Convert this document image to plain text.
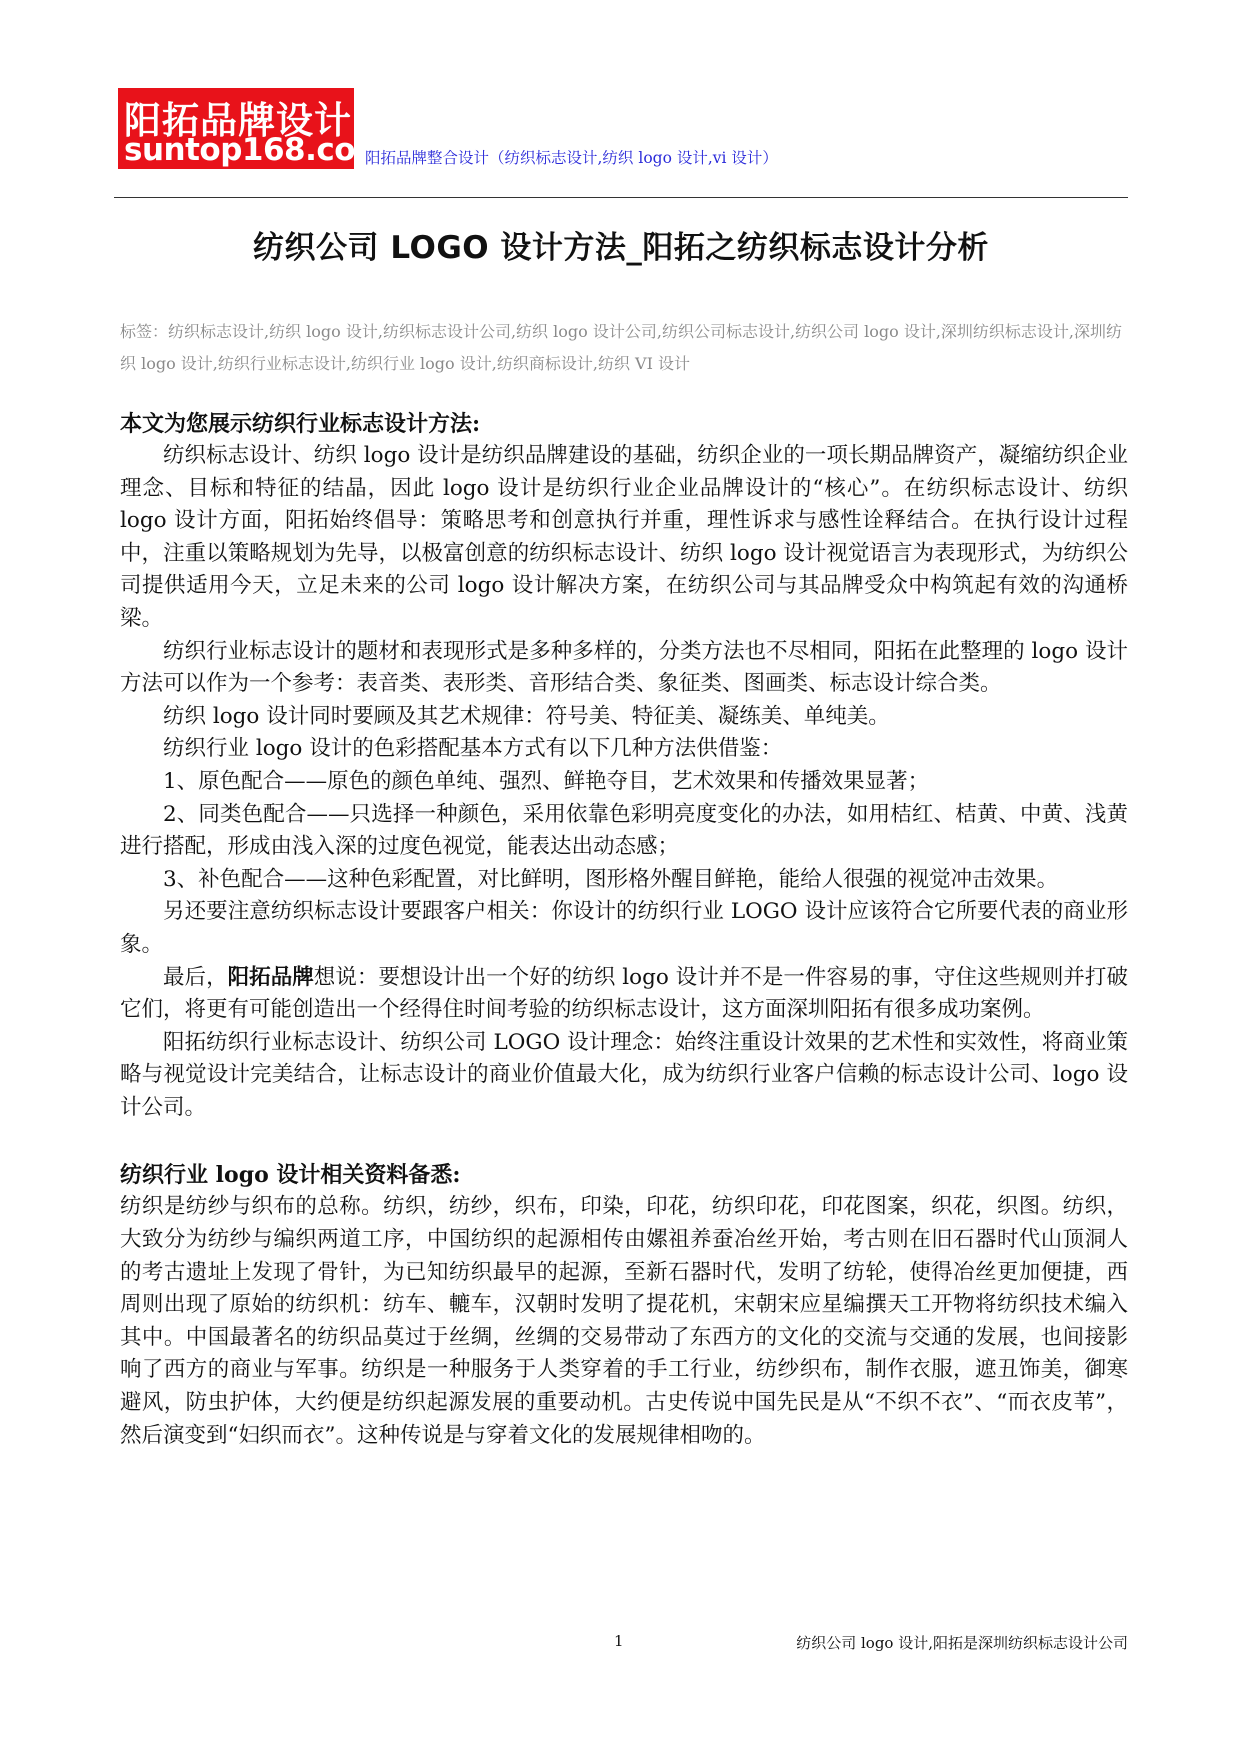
阳拓品牌设计
suntop168.com
阳拓品牌整合设计（纺织标志设计,纺织 logo 设计,vi 设计）
纺织公司 LOGO 设计方法_阳拓之纺织标志设计分析

标签：纺织标志设计,纺织 logo 设计,纺织标志设计公司,纺织 logo 设计公司,纺织公司标志设计,纺织公司 logo 设计,深圳纺织标志设计,深圳纺织 logo 设计,纺织行业标志设计,纺织行业 logo 设计,纺织商标设计,纺织 VI 设计

本文为您展示纺织行业标志设计方法:

纺织标志设计、纺织 logo 设计是纺织品牌建设的基础，纺织企业的一项长期品牌资产，凝缩纺织企业理念、目标和特征的结晶，因此 logo 设计是纺织行业企业品牌设计的“核心”。在纺织标志设计、纺织 logo 设计方面，阳拓始终倡导：策略思考和创意执行并重，理性诉求与感性诠释结合。在执行设计过程中，注重以策略规划为先导，以极富创意的纺织标志设计、纺织 logo 设计视觉语言为表现形式，为纺织公司提供适用今天，立足未来的公司 logo 设计解决方案，在纺织公司与其品牌受众中构筑起有效的沟通桥梁。

纺织行业标志设计的题材和表现形式是多种多样的，分类方法也不尽相同，阳拓在此整理的 logo 设计方法可以作为一个参考：表音类、表形类、音形结合类、象征类、图画类、标志设计综合类。

纺织 logo 设计同时要顾及其艺术规律：符号美、特征美、凝练美、单纯美。

纺织行业 logo 设计的色彩搭配基本方式有以下几种方法供借鉴：

1、原色配合——原色的颜色单纯、强烈、鲜艳夺目，艺术效果和传播效果显著；

2、同类色配合——只选择一种颜色，采用依靠色彩明亮度变化的办法，如用桔红、桔黄、中黄、浅黄进行搭配，形成由浅入深的过度色视觉，能表达出动态感；

3、补色配合——这种色彩配置，对比鲜明，图形格外醒目鲜艳，能给人很强的视觉冲击效果。

另还要注意纺织标志设计要跟客户相关：你设计的纺织行业 LOGO 设计应该符合它所要代表的商业形象。

最后，阳拓品牌想说：要想设计出一个好的纺织 logo 设计并不是一件容易的事，守住这些规则并打破它们，将更有可能创造出一个经得住时间考验的纺织标志设计，这方面深圳阳拓有很多成功案例。

阳拓纺织行业标志设计、纺织公司 LOGO 设计理念：始终注重设计效果的艺术性和实效性，将商业策略与视觉设计完美结合，让标志设计的商业价值最大化，成为纺织行业客户信赖的标志设计公司、logo 设计公司。

纺织行业 logo 设计相关资料备悉:

纺织是纺纱与织布的总称。纺织，纺纱，织布，印染，印花，纺织印花，印花图案，织花，织图。纺织，大致分为纺纱与编织两道工序，中国纺织的起源相传由嫘祖养蚕冶丝开始，考古则在旧石器时代山顶洞人的考古遗址上发现了骨针，为已知纺织最早的起源，至新石器时代，发明了纺轮，使得冶丝更加便捷，西周则出现了原始的纺织机：纺车、轆车，汉朝时发明了提花机，宋朝宋应星编撰天工开物将纺织技术编入其中。中国最著名的纺织品莫过于丝绸，丝绸的交易带动了东西方的文化的交流与交通的发展，也间接影响了西方的商业与军事。纺织是一种服务于人类穿着的手工行业，纺纱织布，制作衣服，遮丑饰美，御寒避风，防虫护体，大约便是纺织起源发展的重要动机。古史传说中国先民是从“不织不衣”、“而衣皮苇”，然后演变到“妇织而衣”。这种传说是与穿着文化的发展规律相吻的。

1	纺织公司 logo 设计,阳拓是深圳纺织标志设计公司
